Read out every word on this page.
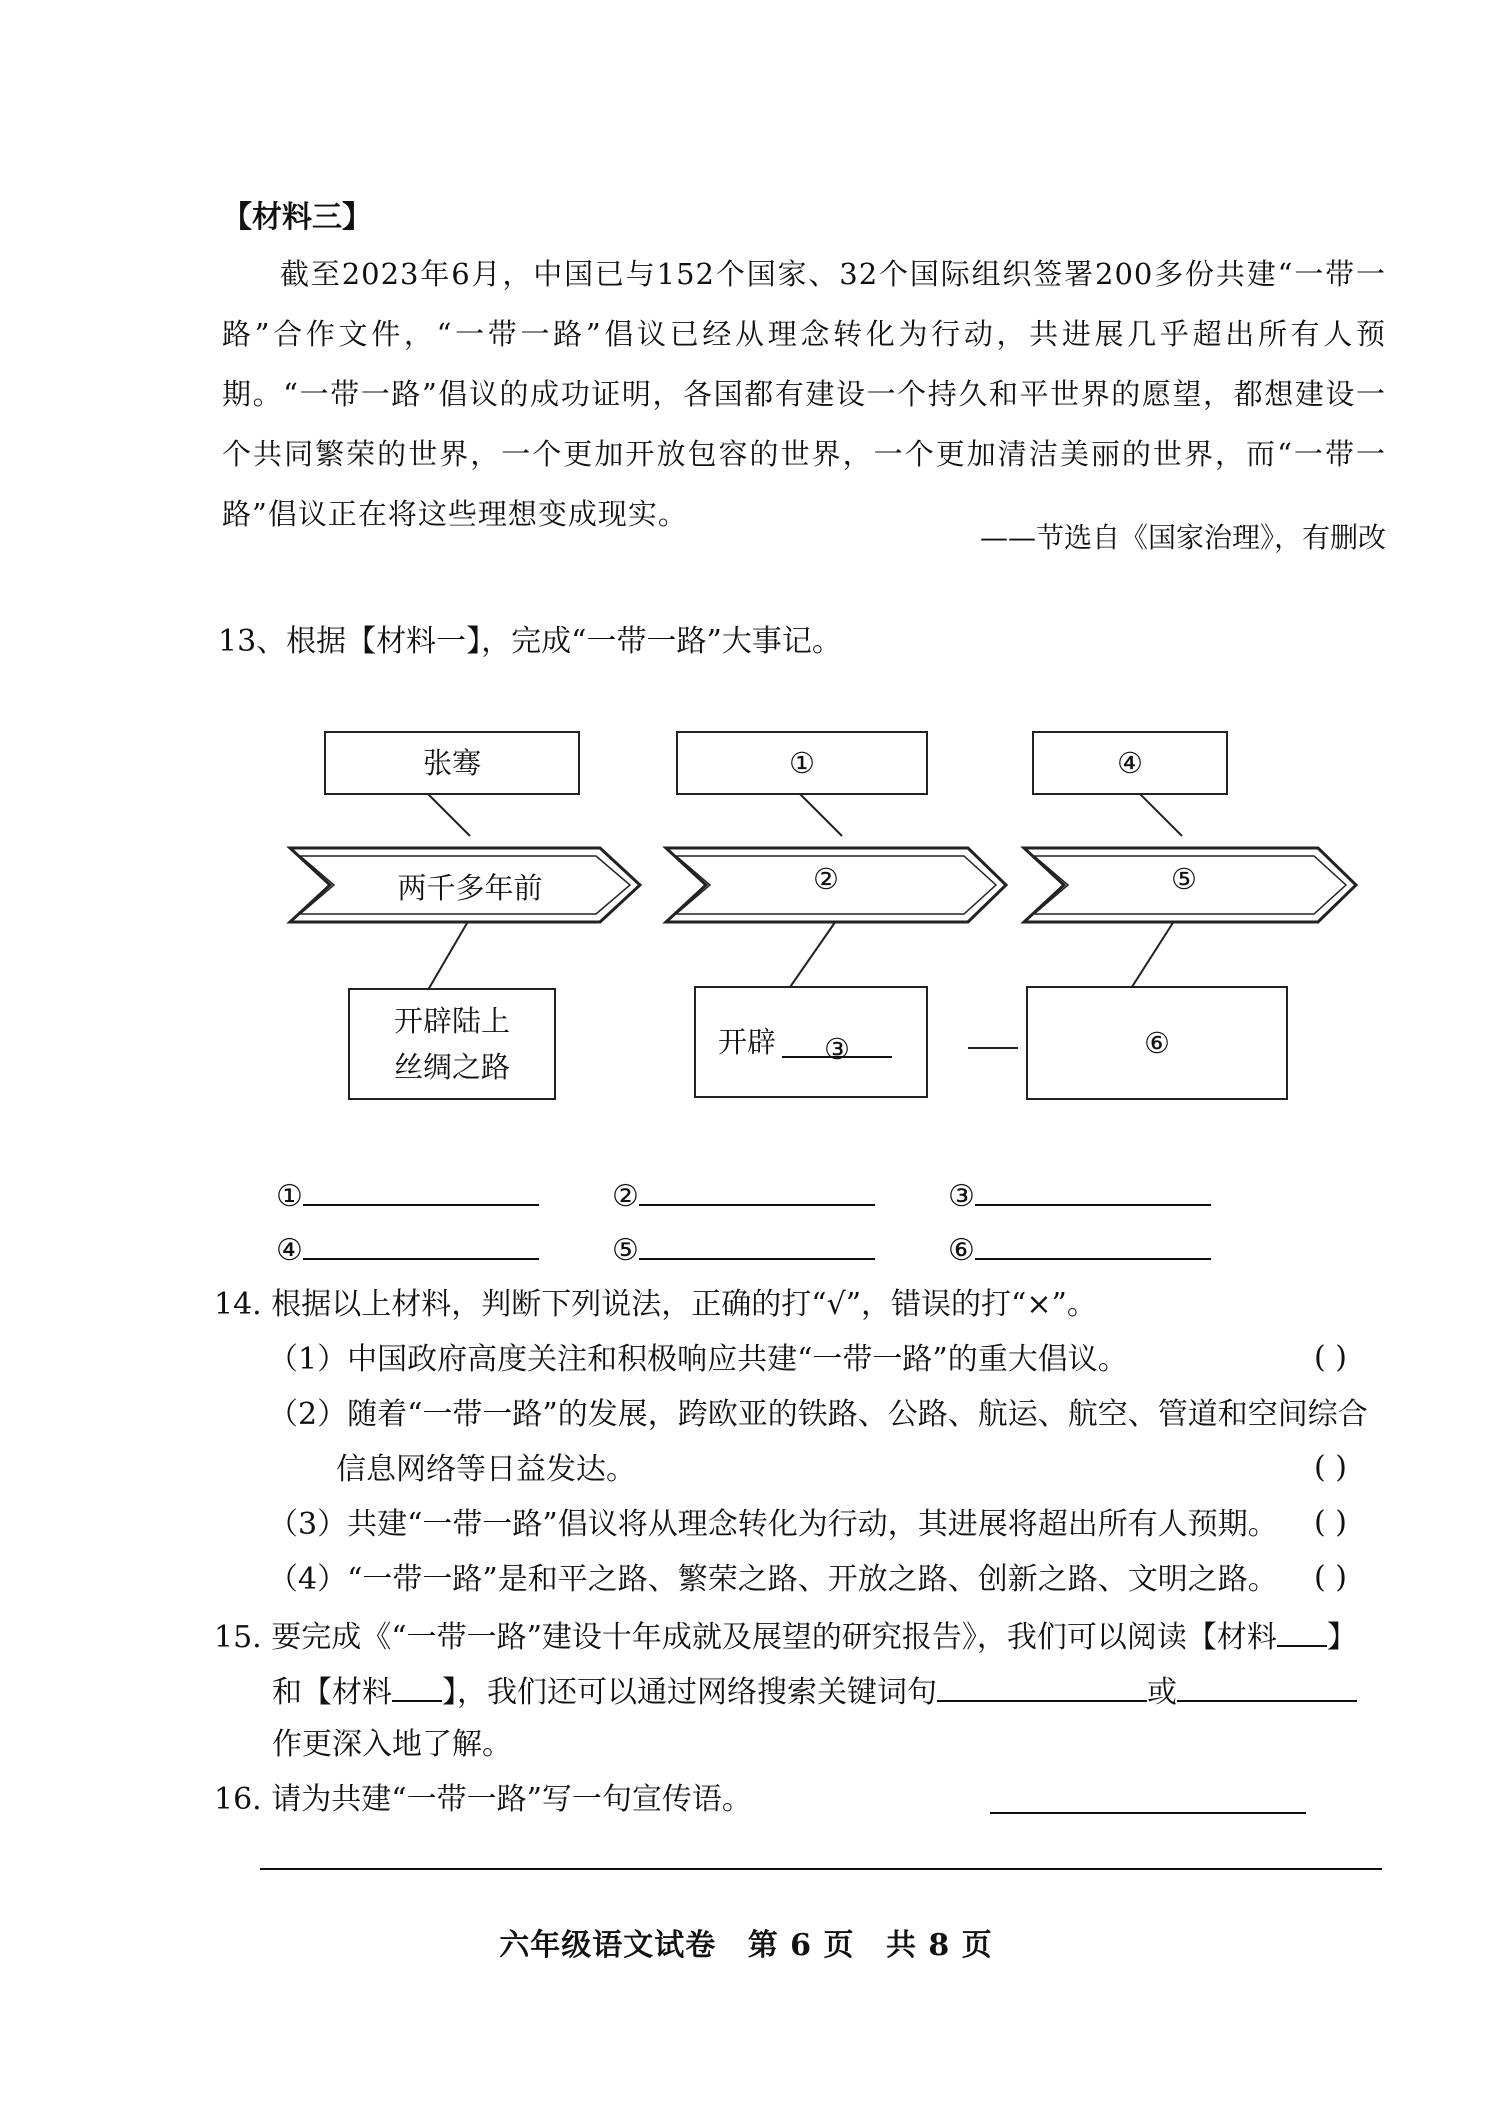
【材料三】
截至2023年6月，中国已与152个国家、32个国际组织签署200多份共建“一带一路”合作文件，“一带一路”倡议已经从理念转化为行动，共进展几乎超出所有人预期。“一带一路”倡议的成功证明，各国都有建设一个持久和平世界的愿望，都想建设一个共同繁荣的世界，一个更加开放包容的世界，一个更加清洁美丽的世界，而“一带一路”倡议正在将这些理想变成现实。
——节选自《国家治理》，有删改
13、根据【材料一】，完成“一带一路”大事记。
张骞	①	④
两千多年前	②	⑤
开辟陆上
丝绸之路
开辟	③	⑥
①	②	③
④	⑤	⑥
14. 根据以上材料，判断下列说法，正确的打“√”，错误的打“×”。
（1）中国政府高度关注和积极响应共建“一带一路”的重大倡议。	( )
（2）随着“一带一路”的发展，跨欧亚的铁路、公路、航运、航空、管道和空间综合
信息网络等日益发达。	( )
（3）共建“一带一路”倡议将从理念转化为行动，其进展将超出所有人预期。 ( )
（4）“一带一路”是和平之路、繁荣之路、开放之路、创新之路、文明之路。 ( )
15. 要完成《“一带一路”建设十年成就及展望的研究报告》，我们可以阅读【材料 】
和【材料 】，我们还可以通过网络搜索关键词句	或
作更深入地了解。
16. 请为共建“一带一路”写一句宣传语。
六年级语文试卷 第 6 页 共 8 页
